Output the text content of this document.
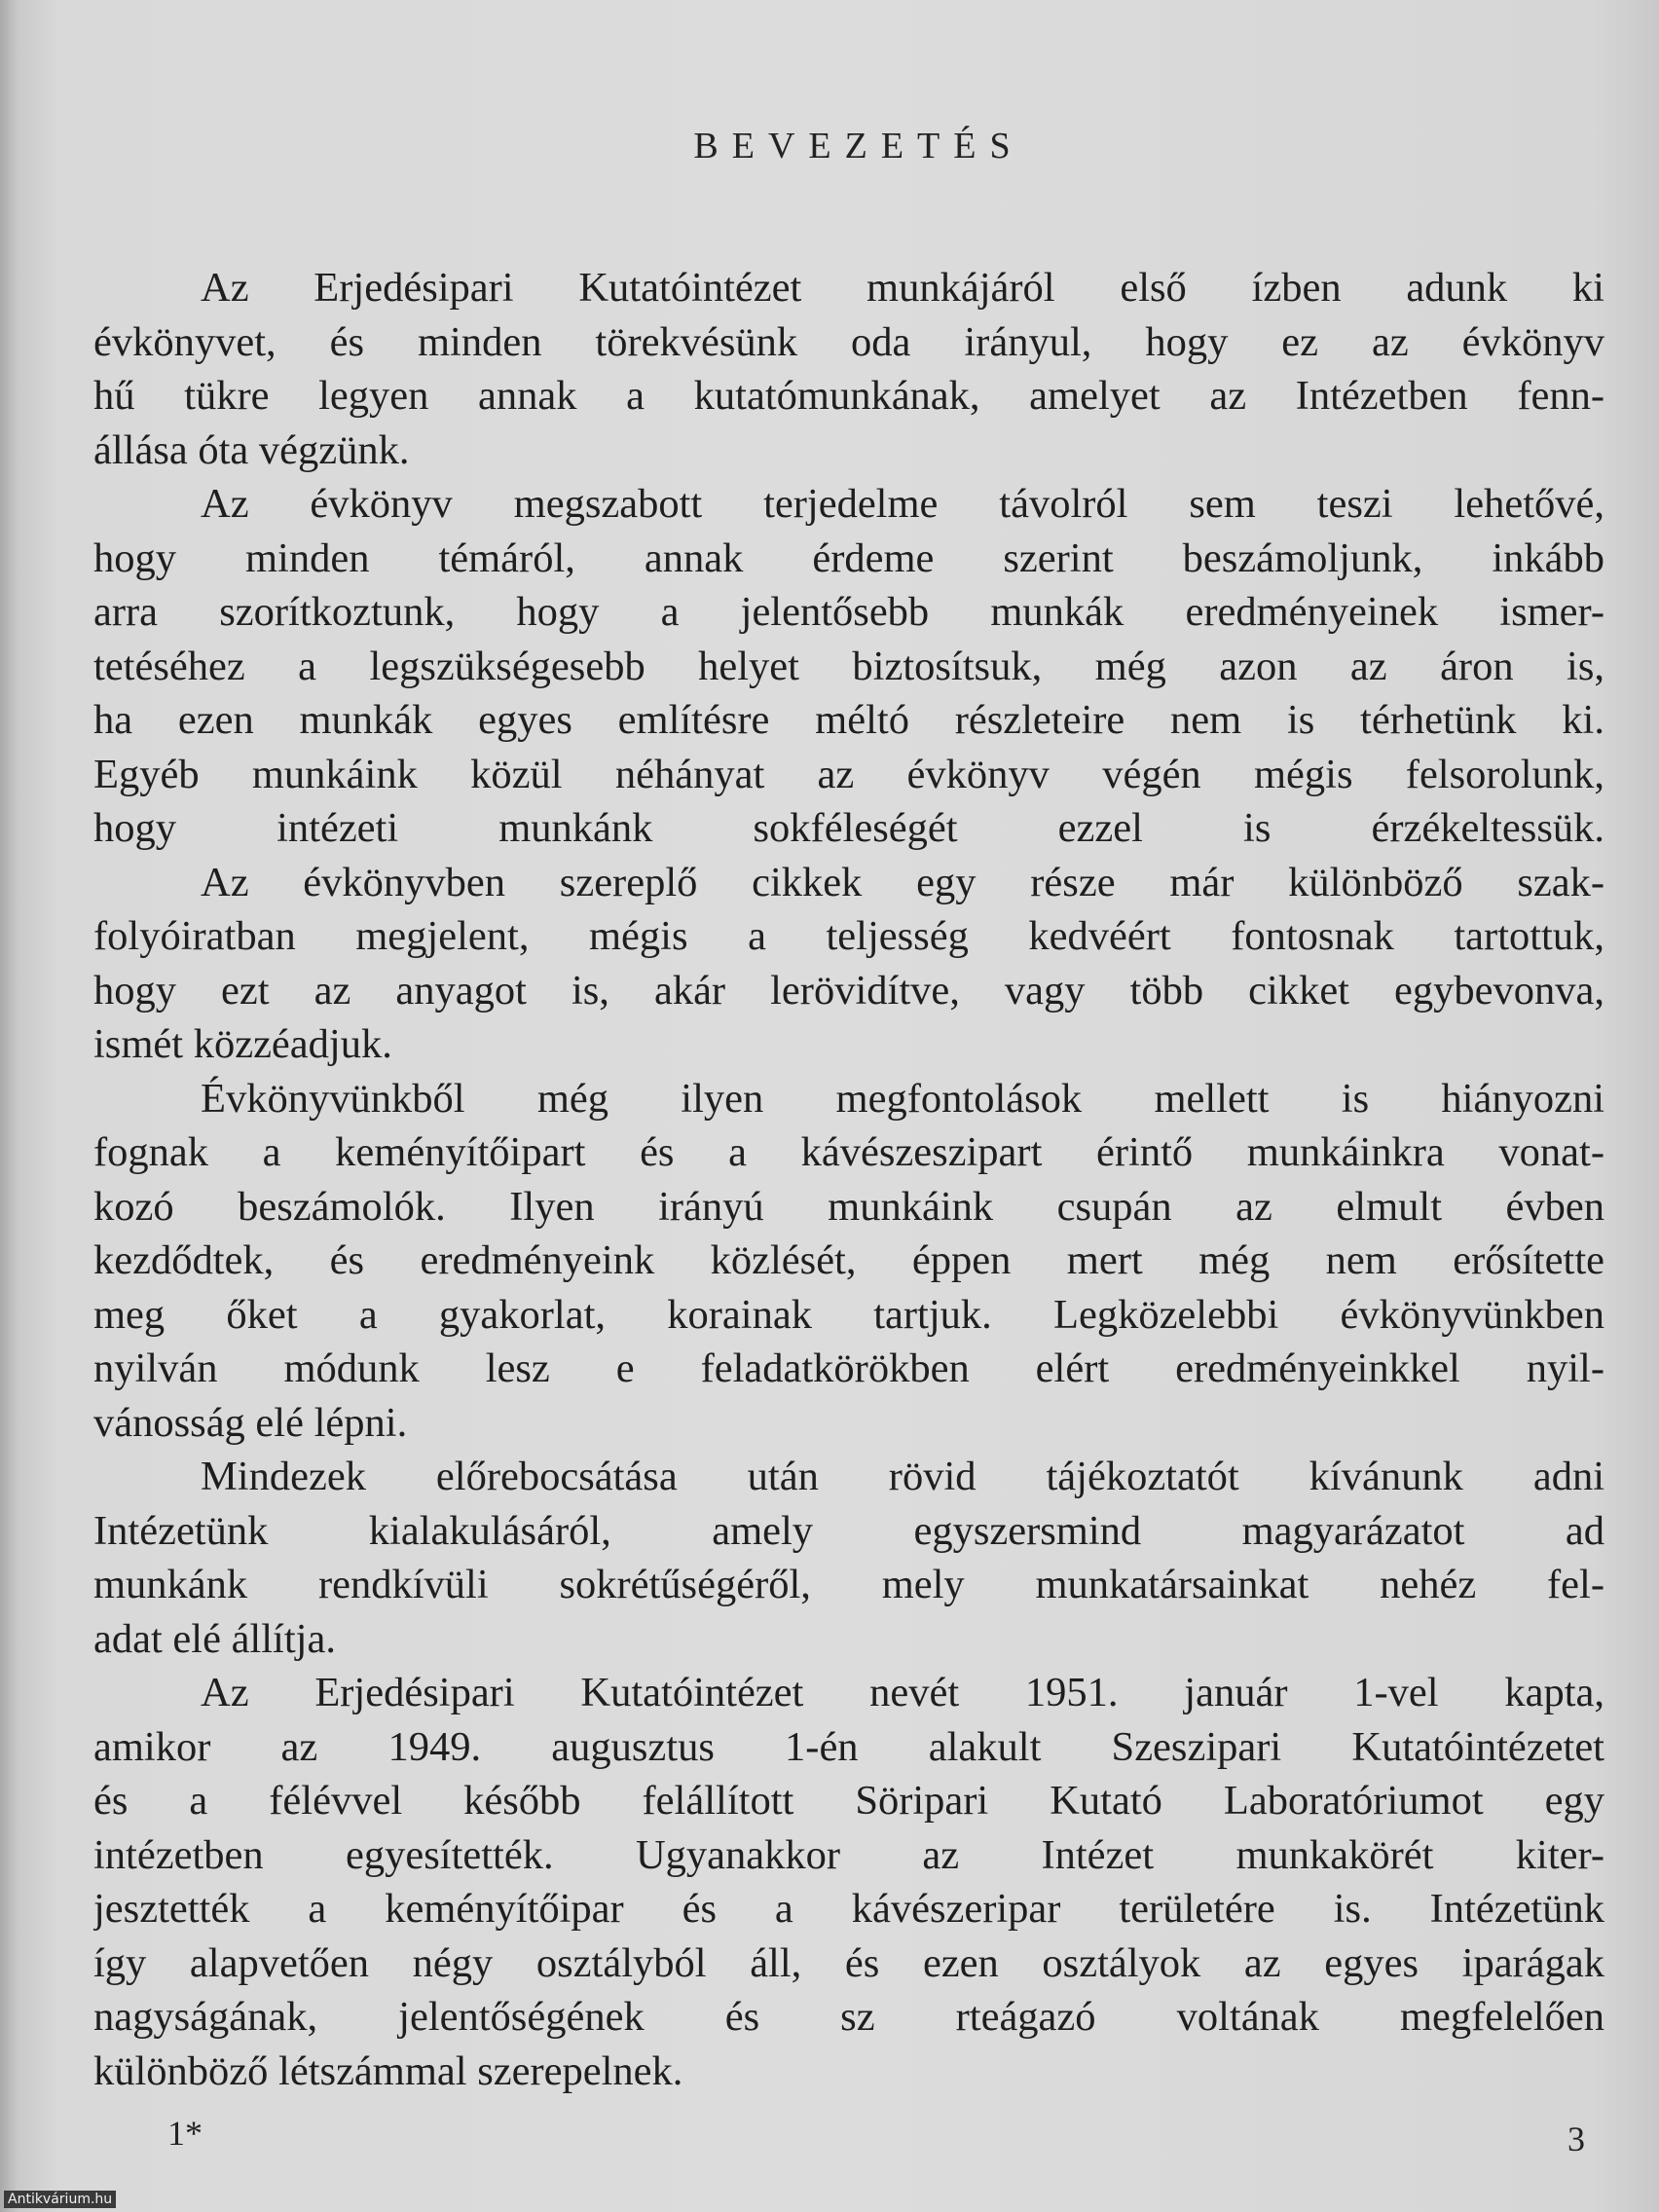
BEVEZETÉS
Az Erjedésipari Kutatóintézet munkájáról első ízben adunk ki
évkönyvet, és minden törekvésünk oda irányul, hogy ez az évkönyv
hű tükre legyen annak a kutatómunkának, amelyet az Intézetben fenn-
állása óta végzünk.
Az évkönyv megszabott terjedelme távolról sem teszi lehetővé,
hogy minden témáról, annak érdeme szerint beszámoljunk, inkább
arra szorítkoztunk, hogy a jelentősebb munkák eredményeinek ismer-
tetéséhez a legszükségesebb helyet biztosítsuk, még azon az áron is,
ha ezen munkák egyes említésre méltó részleteire nem is térhetünk ki.
Egyéb munkáink közül néhányat az évkönyv végén mégis felsorolunk,
hogy intézeti munkánk sokféleségét ezzel is érzékeltessük.
Az évkönyvben szereplő cikkek egy része már különböző szak-
folyóiratban megjelent, mégis a teljesség kedvéért fontosnak tartottuk,
hogy ezt az anyagot is, akár lerövidítve, vagy több cikket egybevonva,
ismét közzéadjuk.
Évkönyvünkből még ilyen megfontolások mellett is hiányozni
fognak a keményítőipart és a kávészeszipart érintő munkáinkra vonat-
kozó beszámolók. Ilyen irányú munkáink csupán az elmult évben
kezdődtek, és eredményeink közlését, éppen mert még nem erősítette
meg őket a gyakorlat, korainak tartjuk. Legközelebbi évkönyvünkben
nyilván módunk lesz e feladatkörökben elért eredményeinkkel nyil-
vánosság elé lépni.
Mindezek előrebocsátása után rövid tájékoztatót kívánunk adni
Intézetünk kialakulásáról, amely egyszersmind magyarázatot ad
munkánk rendkívüli sokrétűségéről, mely munkatársainkat nehéz fel-
adat elé állítja.
Az Erjedésipari Kutatóintézet nevét 1951. január 1-vel kapta,
amikor az 1949. augusztus 1-én alakult Szeszipari Kutatóintézetet
és a félévvel később felállított Söripari Kutató Laboratóriumot egy
intézetben egyesítették. Ugyanakkor az Intézet munkakörét kiter-
jesztették a keményítőipar és a kávészeripar területére is. Intézetünk
így alapvetően négy osztályból áll, és ezen osztályok az egyes iparágak
nagyságának, jelentőségének és sz rteágazó voltának megfelelően
különböző létszámmal szerepelnek.
1*	3
Antikvárium.hu
